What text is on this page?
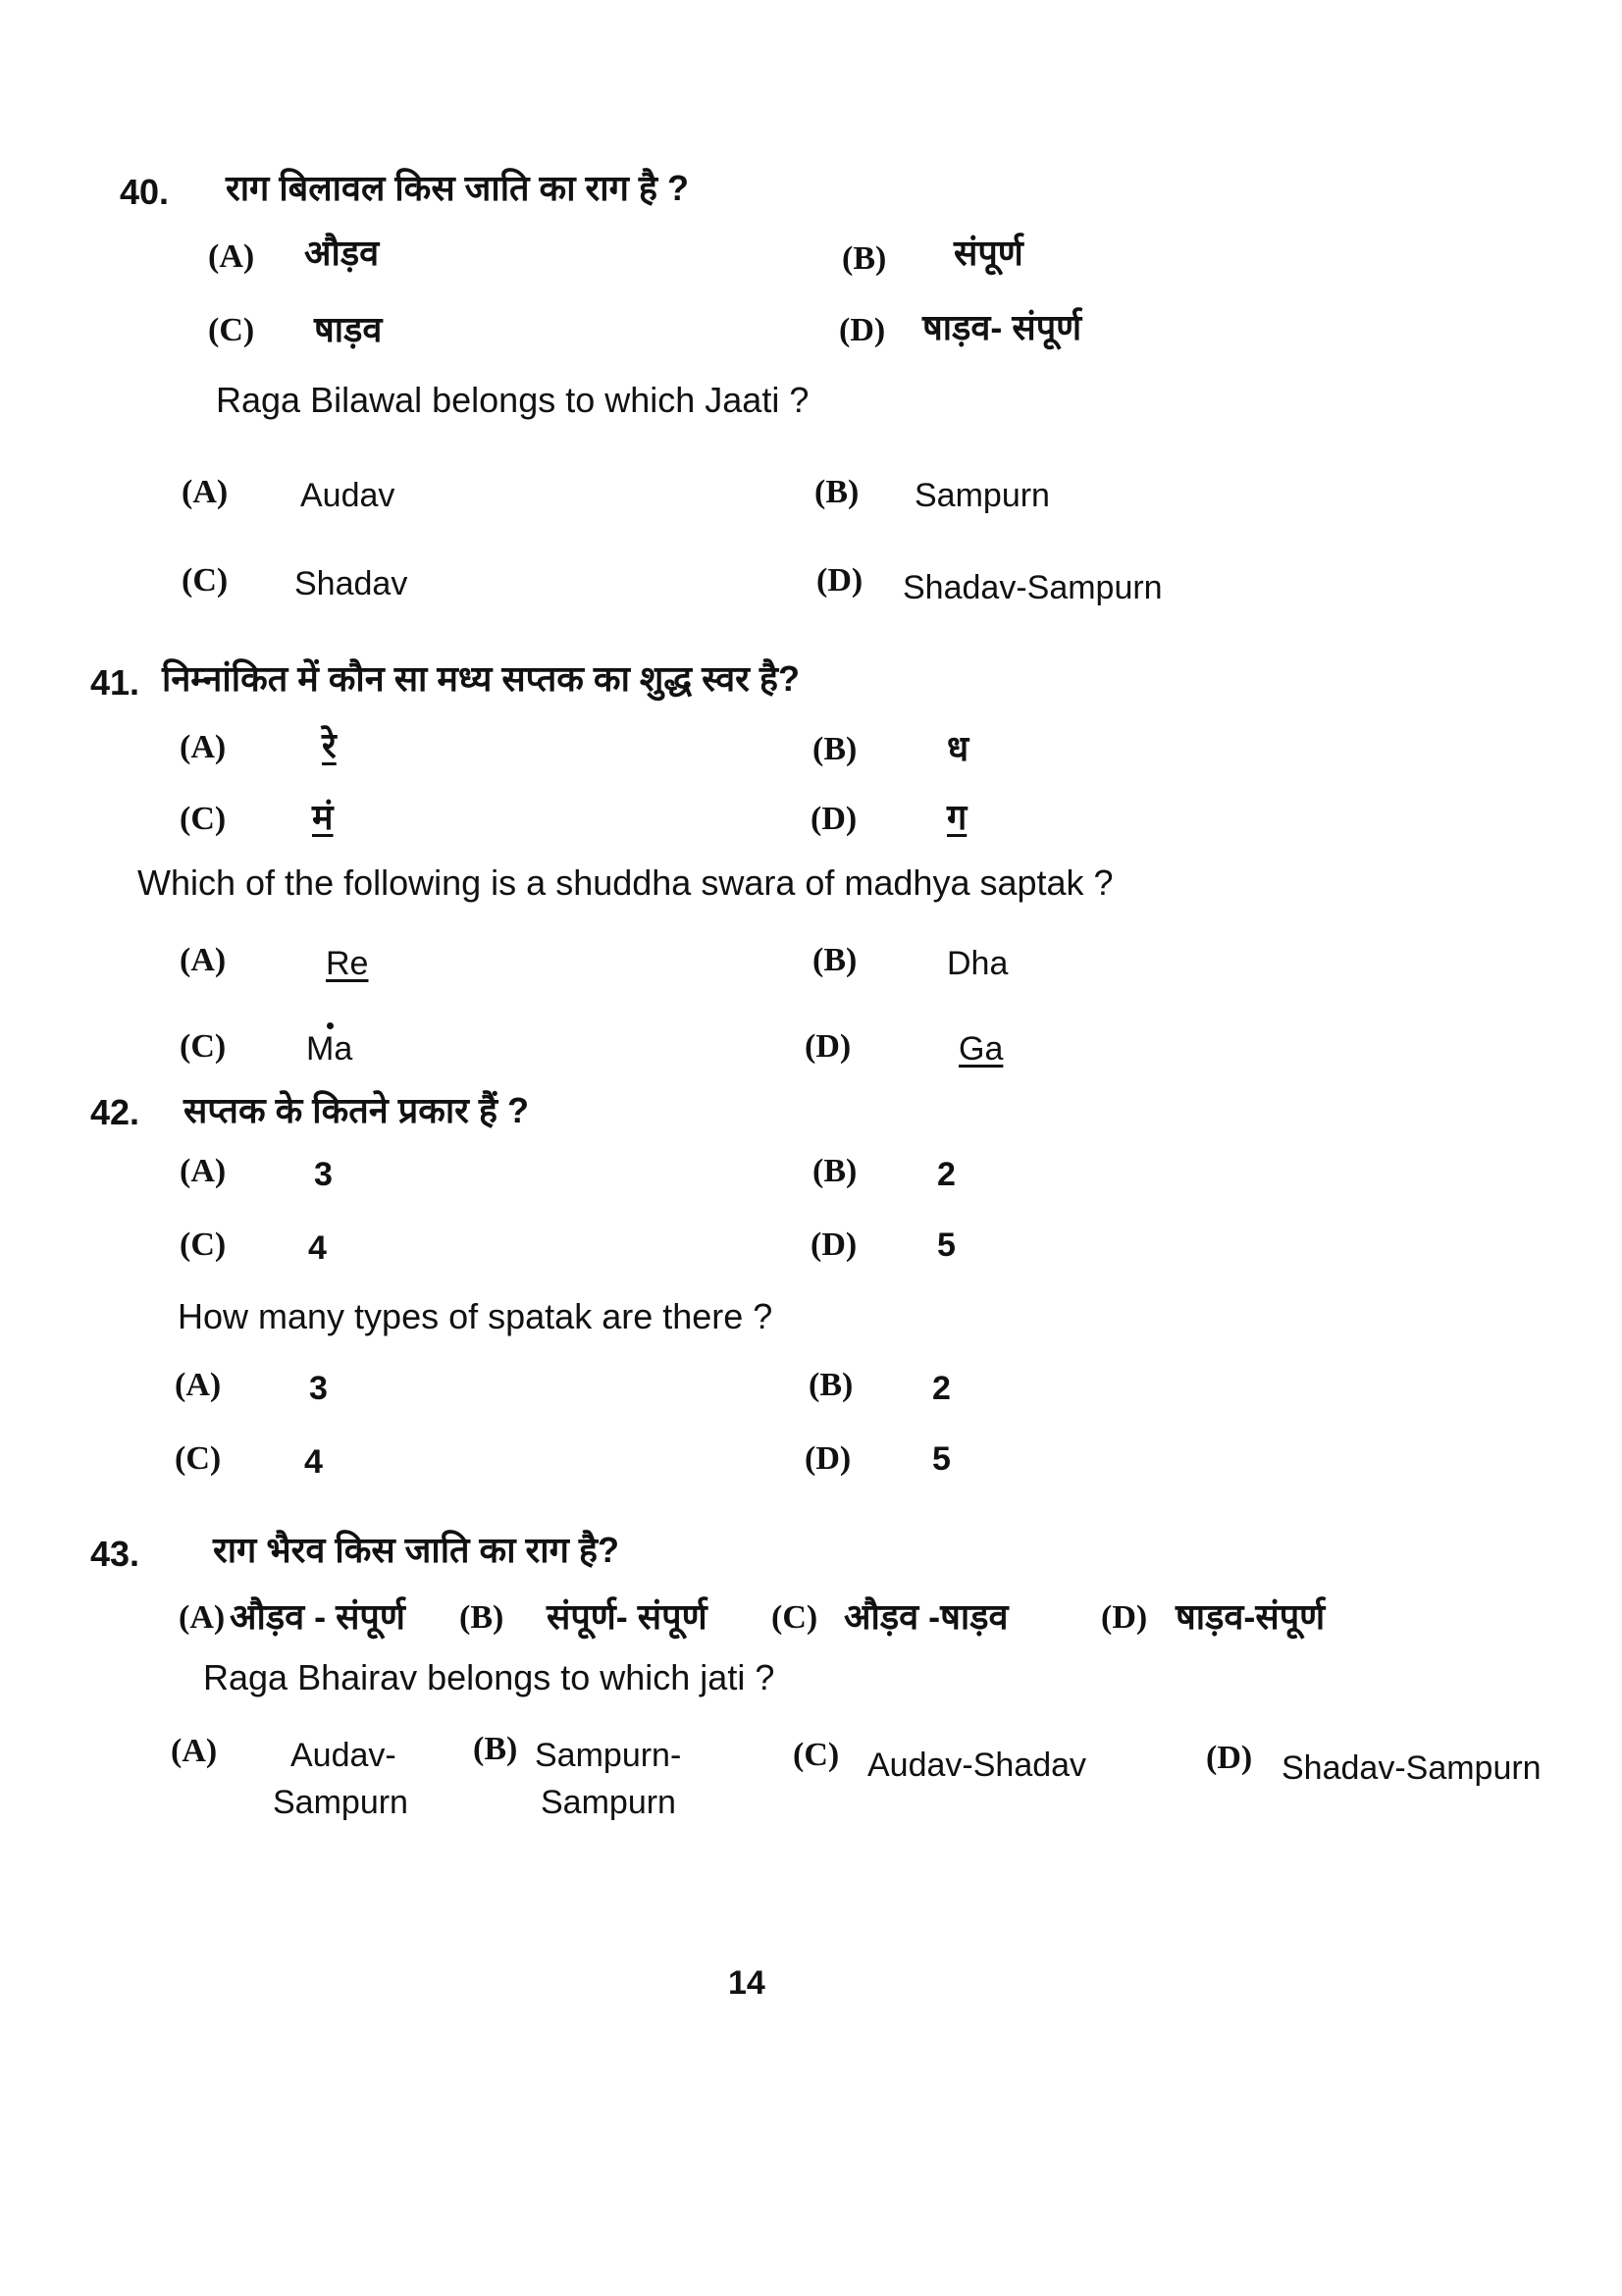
40. राग बिलावल किस जाति का राग है ?
(A) औड़व	(B) संपूर्ण
(C) षाड़व	(D) षाड़व- संपूर्ण
Raga Bilawal belongs to which Jaati ?
(A) Audav	(B) Sampurn
(C) Shadav	(D) Shadav-Sampurn
41. निम्नांकित में कौन सा मध्य सप्तक का शुद्ध स्वर है?
(A)	रे	(B)	ध
(C) मं	(D)	ग
Which of the following is a shuddha swara of madhya saptak ?
(A)	Re	(B)	Dha
(C) Ma	(D)	Ga
42. सप्तक के कितने प्रकार हैं ?
(A)	3	(B) 2
(C) 4	(D) 5
How many types of spatak are there ?
(A)	3	(B) 2
(C) 4	(D) 5
43. राग भैरव किस जाति का राग है?
(A) औड़व - संपूर्ण (B) संपूर्ण- संपूर्ण (C) औड़व -षाड़व	(D) षाड़व-संपूर्ण
Raga Bhairav belongs to which jati ?
(A) Audav-
Sampurn
(B) Sampurn-
Sampurn
(C) Audav-Shadav	(D) Shadav-Sampurn
14
